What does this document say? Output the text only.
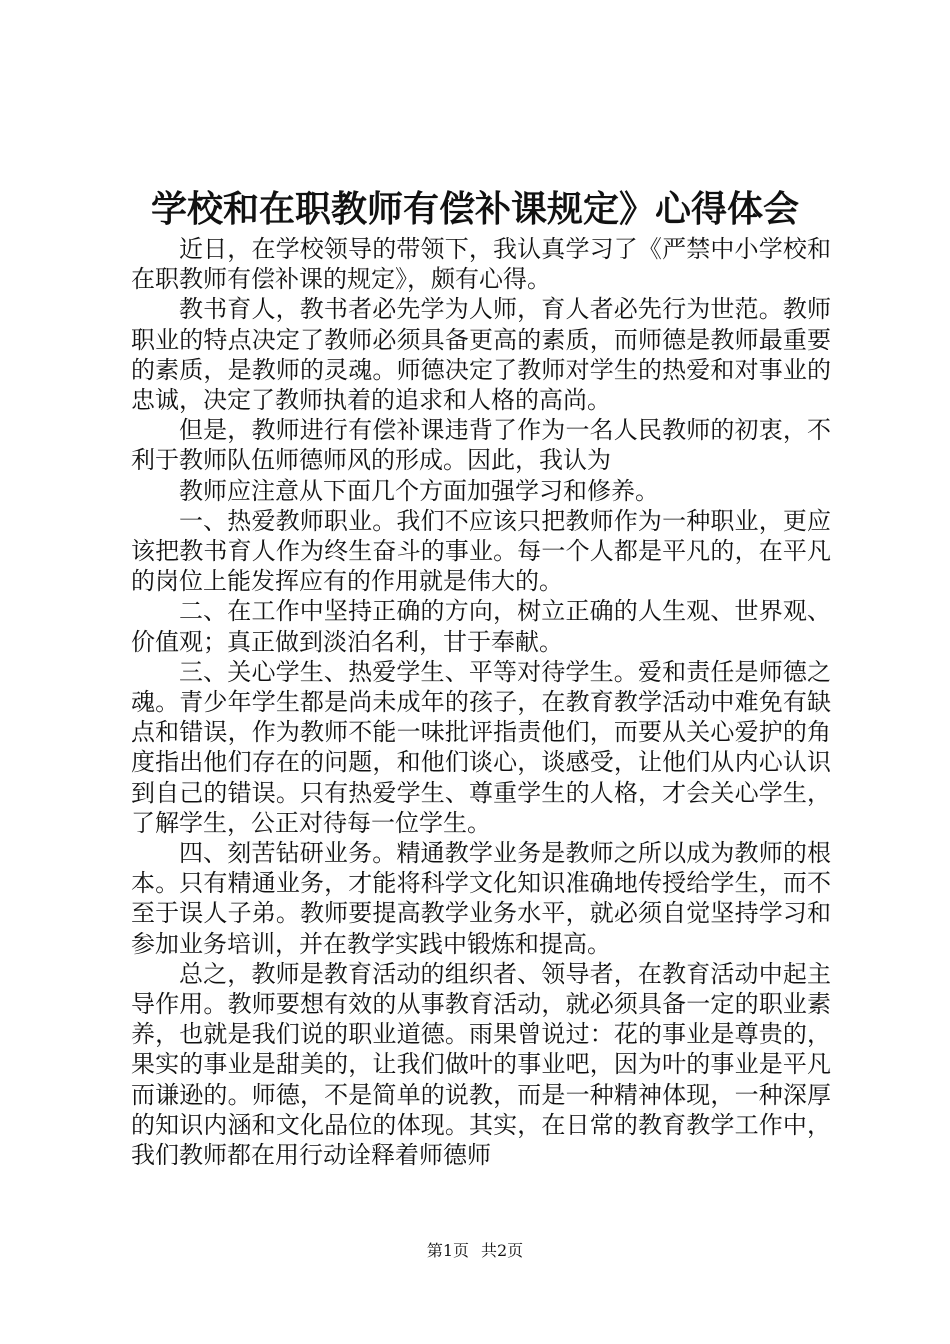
学校和在职教师有偿补课规定》心得体会

近日，在学校领导的带领下，我认真学习了《严禁中小学校和在职教师有偿补课的规定》，颇有心得。

教书育人，教书者必先学为人师，育人者必先行为世范。教师职业的特点决定了教师必须具备更高的素质，而师德是教师最重要的素质，是教师的灵魂。师德决定了教师对学生的热爱和对事业的忠诚，决定了教师执着的追求和人格的高尚。

但是，教师进行有偿补课违背了作为一名人民教师的初衷，不利于教师队伍师德师风的形成。因此，我认为

教师应注意从下面几个方面加强学习和修养。

一、热爱教师职业。我们不应该只把教师作为一种职业，更应该把教书育人作为终生奋斗的事业。每一个人都是平凡的，在平凡的岗位上能发挥应有的作用就是伟大的。

二、在工作中坚持正确的方向，树立正确的人生观、世界观、价值观；真正做到淡泊名利，甘于奉献。

三、关心学生、热爱学生、平等对待学生。爱和责任是师德之魂。青少年学生都是尚未成年的孩子，在教育教学活动中难免有缺点和错误，作为教师不能一味批评指责他们，而要从关心爱护的角度指出他们存在的问题，和他们谈心，谈感受，让他们从内心认识到自己的错误。只有热爱学生、尊重学生的人格，才会关心学生，了解学生，公正对待每一位学生。

四、刻苦钻研业务。精通教学业务是教师之所以成为教师的根本。只有精通业务，才能将科学文化知识准确地传授给学生，而不至于误人子弟。教师要提高教学业务水平，就必须自觉坚持学习和参加业务培训，并在教学实践中锻炼和提高。

总之，教师是教育活动的组织者、领导者，在教育活动中起主导作用。教师要想有效的从事教育活动，就必须具备一定的职业素养，也就是我们说的职业道德。雨果曾说过：花的事业是尊贵的，果实的事业是甜美的，让我们做叶的事业吧，因为叶的事业是平凡而谦逊的。师德，不是简单的说教，而是一种精神体现，一种深厚的知识内涵和文化品位的体现。其实，在日常的教育教学工作中，我们教师都在用行动诠释着师德师

第1页 共2页
